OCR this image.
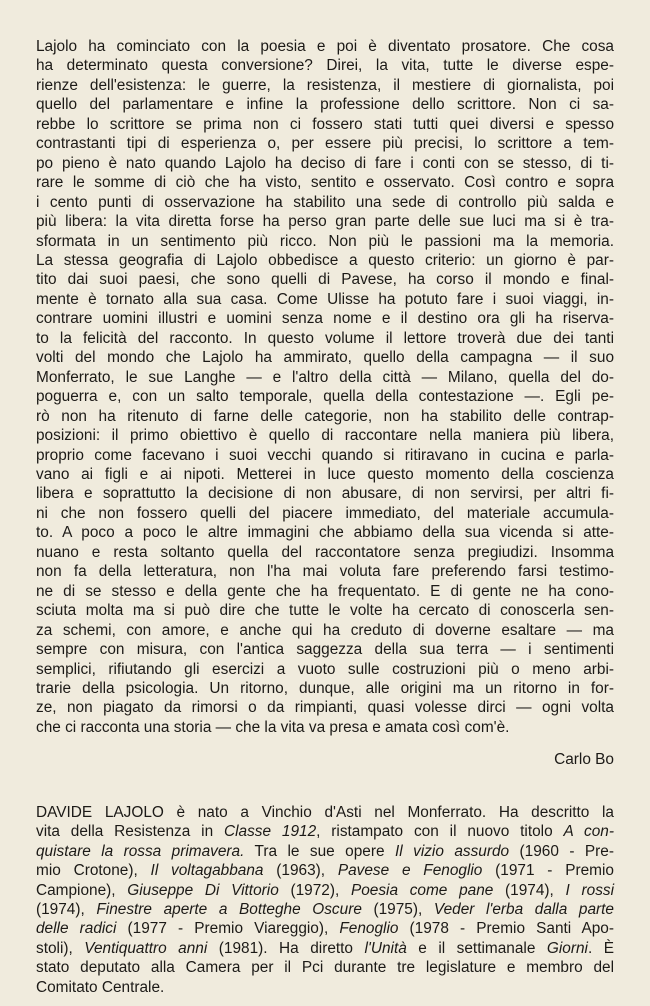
Lajolo ha cominciato con la poesia e poi è diventato prosatore. Che cosa
ha determinato questa conversione? Direi, la vita, tutte le diverse espe-
rienze dell'esistenza: le guerre, la resistenza, il mestiere di giornalista, poi
quello del parlamentare e infine la professione dello scrittore. Non ci sa-
rebbe lo scrittore se prima non ci fossero stati tutti quei diversi e spesso
contrastanti tipi di esperienza o, per essere più precisi, lo scrittore a tem-
po pieno è nato quando Lajolo ha deciso di fare i conti con se stesso, di ti-
rare le somme di ciò che ha visto, sentito e osservato. Così contro e sopra
i cento punti di osservazione ha stabilito una sede di controllo più salda e
più libera: la vita diretta forse ha perso gran parte delle sue luci ma si è tra-
sformata in un sentimento più ricco. Non più le passioni ma la memoria.
La stessa geografia di Lajolo obbedisce a questo criterio: un giorno è par-
tito dai suoi paesi, che sono quelli di Pavese, ha corso il mondo e final-
mente è tornato alla sua casa. Come Ulisse ha potuto fare i suoi viaggi, in-
contrare uomini illustri e uomini senza nome e il destino ora gli ha riserva-
to la felicità del racconto. In questo volume il lettore troverà due dei tanti
volti del mondo che Lajolo ha ammirato, quello della campagna — il suo
Monferrato, le sue Langhe — e l'altro della città — Milano, quella del do-
poguerra e, con un salto temporale, quella della contestazione —. Egli pe-
rò non ha ritenuto di farne delle categorie, non ha stabilito delle contrap-
posizioni: il primo obiettivo è quello di raccontare nella maniera più libera,
proprio come facevano i suoi vecchi quando si ritiravano in cucina e parla-
vano ai figli e ai nipoti. Metterei in luce questo momento della coscienza
libera e soprattutto la decisione di non abusare, di non servirsi, per altri fi-
ni che non fossero quelli del piacere immediato, del materiale accumula-
to. A poco a poco le altre immagini che abbiamo della sua vicenda si atte-
nuano e resta soltanto quella del raccontatore senza pregiudizi. Insomma
non fa della letteratura, non l'ha mai voluta fare preferendo farsi testimo-
ne di se stesso e della gente che ha frequentato. E di gente ne ha cono-
sciuta molta ma si può dire che tutte le volte ha cercato di conoscerla sen-
za schemi, con amore, e anche qui ha creduto di doverne esaltare — ma
sempre con misura, con l'antica saggezza della sua terra — i sentimenti
semplici, rifiutando gli esercizi a vuoto sulle costruzioni più o meno arbi-
trarie della psicologia. Un ritorno, dunque, alle origini ma un ritorno in for-
ze, non piagato da rimorsi o da rimpianti, quasi volesse dirci — ogni volta
che ci racconta una storia — che la vita va presa e amata così com'è.

Carlo Bo

DAVIDE LAJOLO è nato a Vinchio d'Asti nel Monferrato. Ha descritto la
vita della Resistenza in Classe 1912, ristampato con il nuovo titolo A con-
quistare la rossa primavera. Tra le sue opere Il vizio assurdo (1960 - Pre-
mio Crotone), Il voltagabbana (1963), Pavese e Fenoglio (1971 - Premio
Campione), Giuseppe Di Vittorio (1972), Poesia come pane (1974), I rossi
(1974), Finestre aperte a Botteghe Oscure (1975), Veder l'erba dalla parte
delle radici (1977 - Premio Viareggio), Fenoglio (1978 - Premio Santi Apo-
stoli), Ventiquattro anni (1981). Ha diretto l'Unità e il settimanale Giorni. È
stato deputato alla Camera per il Pci durante tre legislature e membro del
Comitato Centrale.
